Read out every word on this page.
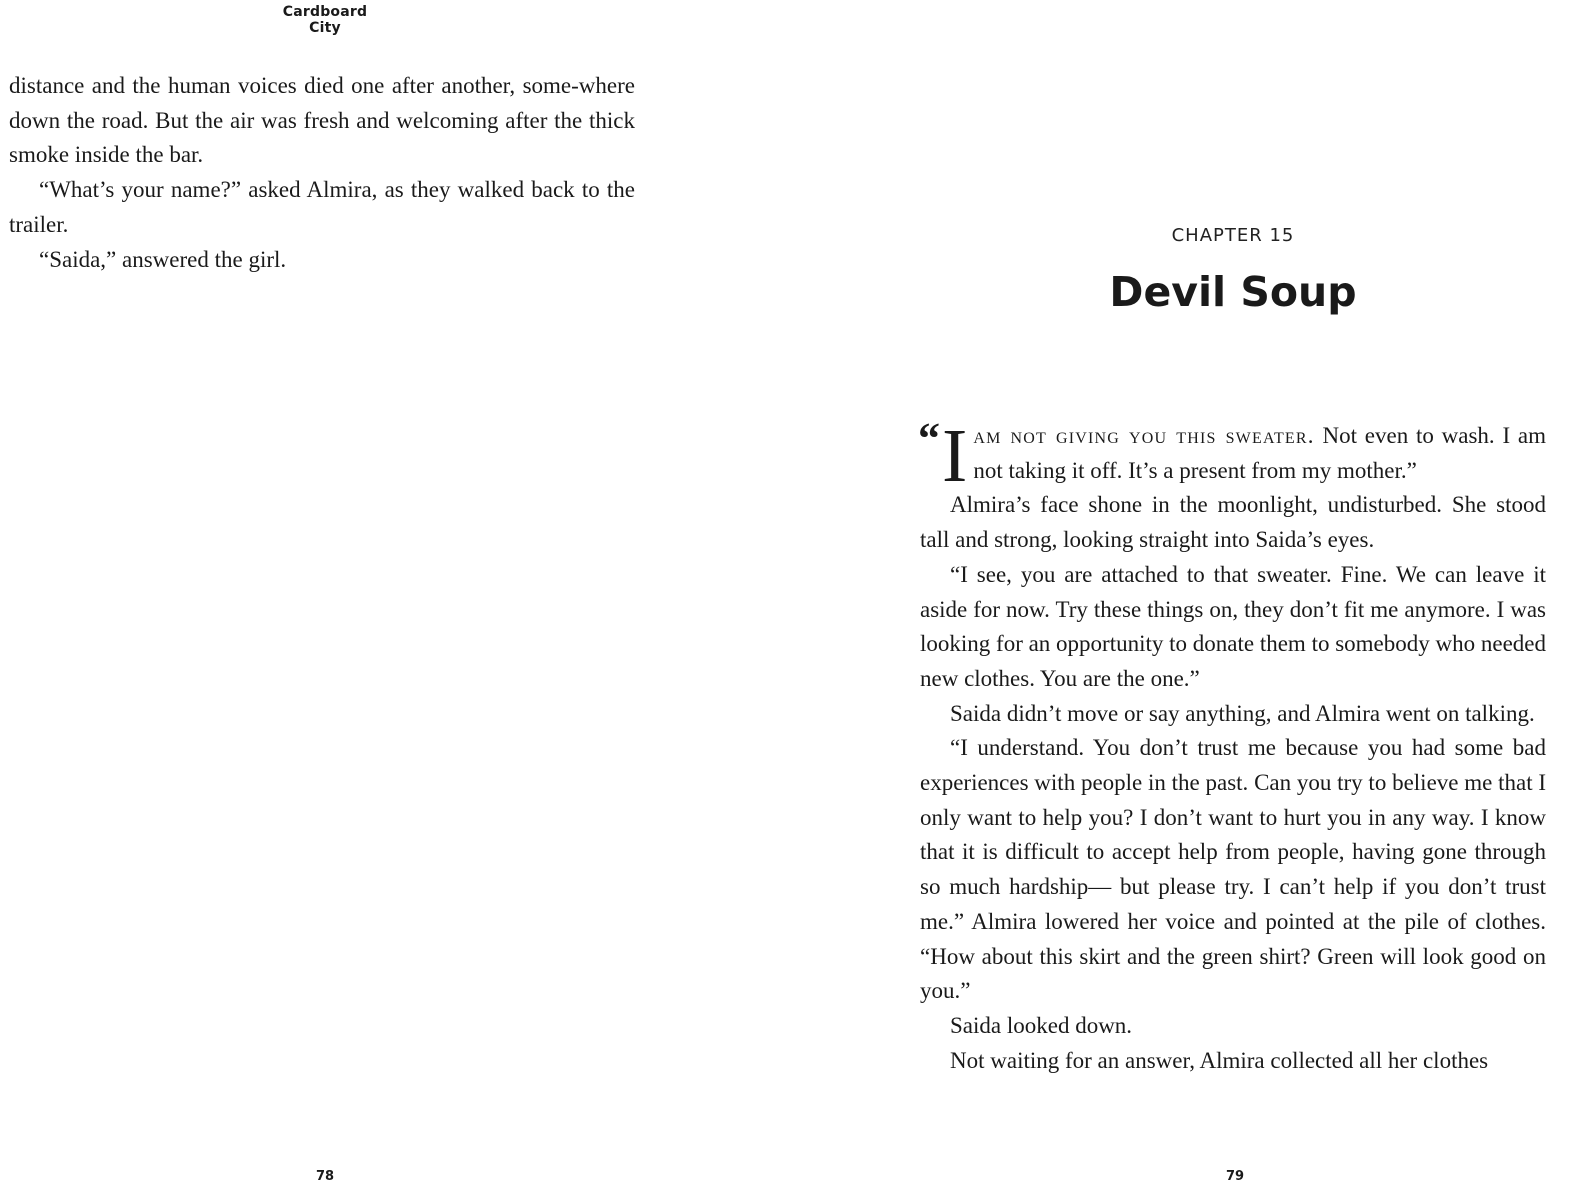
Cardboard City

distance and the human voices died one after another, some-where down the road. But the air was fresh and welcoming after the thick smoke inside the bar.

“What’s your name?” asked Almira, as they walked back to the trailer.

“Saida,” answered the girl.

78
CHAPTER 15
Devil Soup

“ I am not giving you this sweater. Not even to wash. I am not taking it off. It’s a present from my mother.”

Almira’s face shone in the moonlight, undisturbed. She stood tall and strong, looking straight into Saida’s eyes.

“I see, you are attached to that sweater. Fine. We can leave it aside for now. Try these things on, they don’t fit me anymore. I was looking for an opportunity to donate them to somebody who needed new clothes. You are the one.”

Saida didn’t move or say anything, and Almira went on talking.

“I understand. You don’t trust me because you had some bad experiences with people in the past. Can you try to believe me that I only want to help you? I don’t want to hurt you in any way. I know that it is difficult to accept help from people, having gone through so much hardship— but please try. I can’t help if you don’t trust me.” Almira lowered her voice and pointed at the pile of clothes. “How about this skirt and the green shirt? Green will look good on you.”

Saida looked down.

Not waiting for an answer, Almira collected all her clothes

79
